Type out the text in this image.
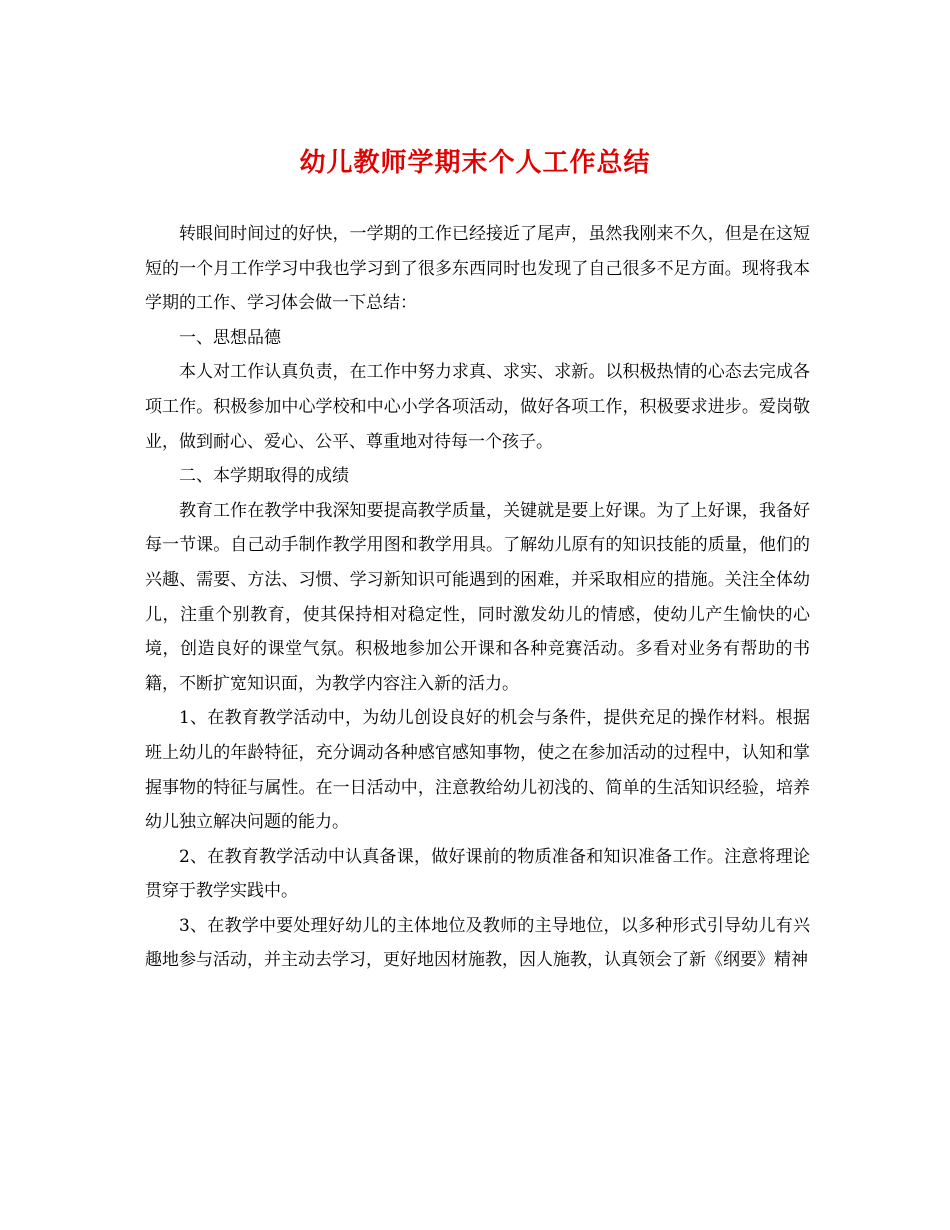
幼儿教师学期末个人工作总结

转眼间时间过的好快，一学期的工作已经接近了尾声，虽然我刚来不久，但是在这短短的一个月工作学习中我也学习到了很多东西同时也发现了自己很多不足方面。现将我本学期的工作、学习体会做一下总结：

一、思想品德

本人对工作认真负责，在工作中努力求真、求实、求新。以积极热情的心态去完成各项工作。积极参加中心学校和中心小学各项活动，做好各项工作，积极要求进步。爱岗敬业，做到耐心、爱心、公平、尊重地对待每一个孩子。

二、本学期取得的成绩

教育工作在教学中我深知要提高教学质量，关键就是要上好课。为了上好课，我备好每一节课。自己动手制作教学用图和教学用具。了解幼儿原有的知识技能的质量，他们的兴趣、需要、方法、习惯、学习新知识可能遇到的困难，并采取相应的措施。关注全体幼儿，注重个别教育，使其保持相对稳定性，同时激发幼儿的情感，使幼儿产生愉快的心境，创造良好的课堂气氛。积极地参加公开课和各种竞赛活动。多看对业务有帮助的书籍，不断扩宽知识面，为教学内容注入新的活力。

1、在教育教学活动中，为幼儿创设良好的机会与条件，提供充足的操作材料。根据班上幼儿的年龄特征，充分调动各种感官感知事物，使之在参加活动的过程中，认知和掌握事物的特征与属性。在一日活动中，注意教给幼儿初浅的、简单的生活知识经验，培养幼儿独立解决问题的能力。

2、在教育教学活动中认真备课，做好课前的物质准备和知识准备工作。注意将理论贯穿于教学实践中。

3、在教学中要处理好幼儿的主体地位及教师的主导地位，以多种形式引导幼儿有兴趣地参与活动，并主动去学习，更好地因材施教，因人施教，认真领会了新《纲要》精神
